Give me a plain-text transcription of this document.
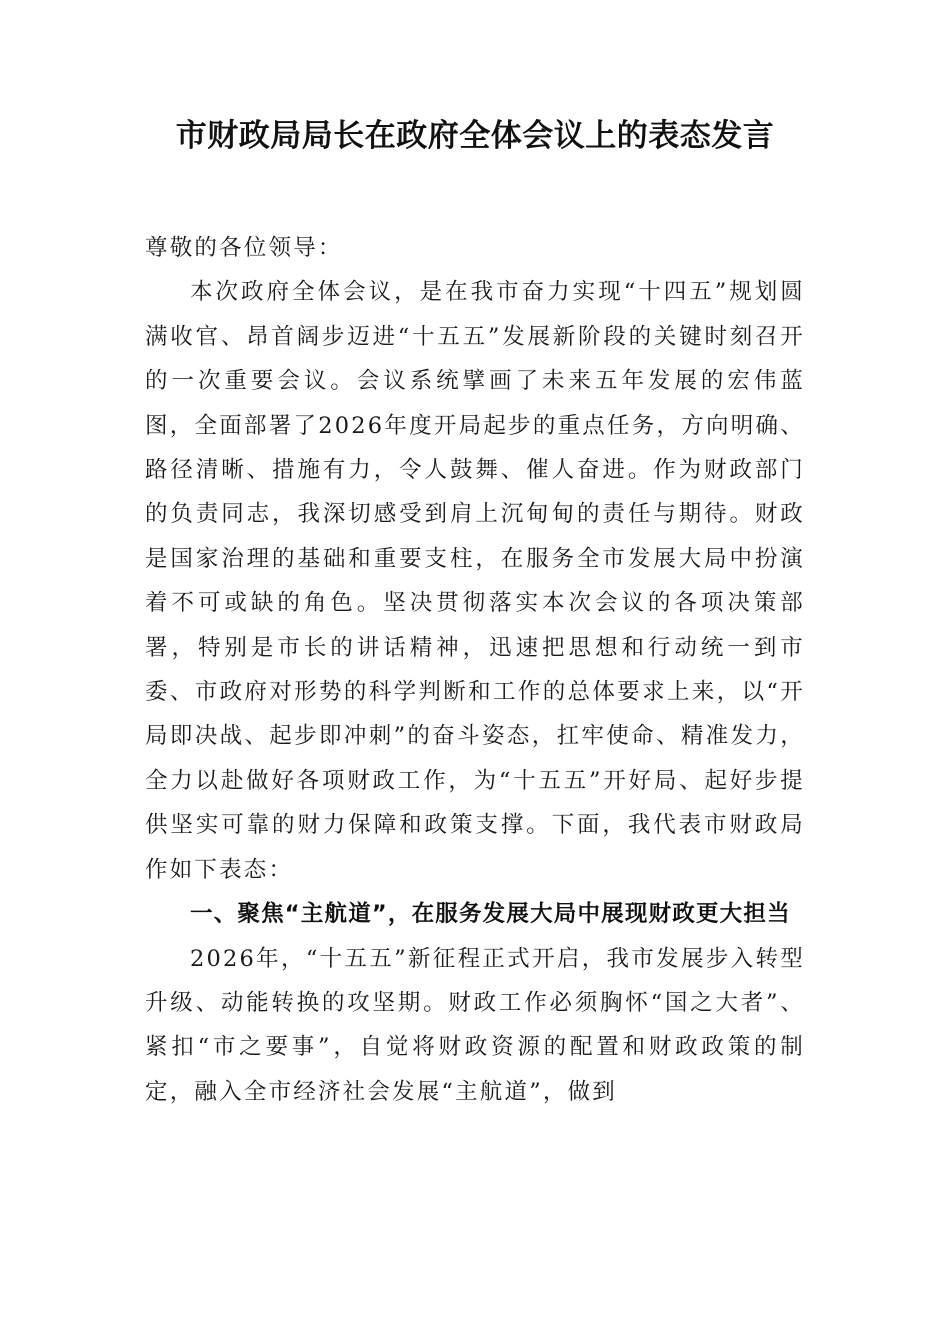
市财政局局长在政府全体会议上的表态发言

尊敬的各位领导：

本次政府全体会议，是在我市奋力实现“十四五”规划圆满收官、昂首阔步迈进“十五五”发展新阶段的关键时刻召开的一次重要会议。会议系统擘画了未来五年发展的宏伟蓝图，全面部署了2026年度开局起步的重点任务，方向明确、路径清晰、措施有力，令人鼓舞、催人奋进。作为财政部门的负责同志，我深切感受到肩上沉甸甸的责任与期待。财政是国家治理的基础和重要支柱，在服务全市发展大局中扮演着不可或缺的角色。坚决贯彻落实本次会议的各项决策部署，特别是市长的讲话精神，迅速把思想和行动统一到市委、市政府对形势的科学判断和工作的总体要求上来，以“开局即决战、起步即冲刺”的奋斗姿态，扛牢使命、精准发力，全力以赴做好各项财政工作，为“十五五”开好局、起好步提供坚实可靠的财力保障和政策支撑。下面，我代表市财政局作如下表态：

一、聚焦“主航道”，在服务发展大局中展现财政更大担当

2026年，“十五五”新征程正式开启，我市发展步入转型升级、动能转换的攻坚期。财政工作必须胸怀“国之大者”、紧扣“市之要事”，自觉将财政资源的配置和财政政策的制定，融入全市经济社会发展“主航道”，做到
